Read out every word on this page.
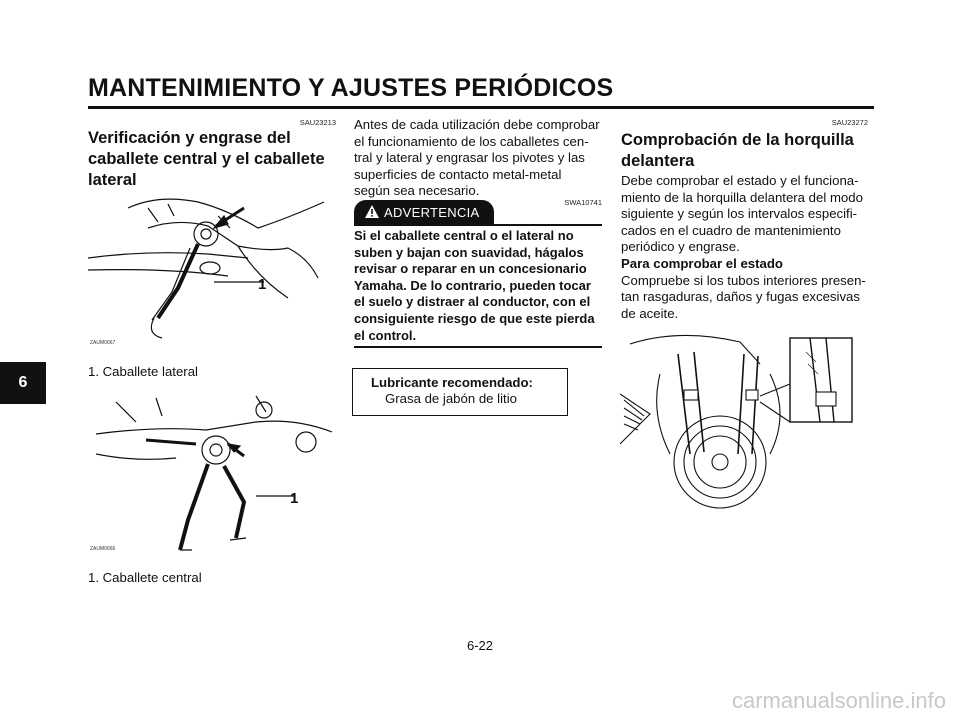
MANTENIMIENTO Y AJUSTES PERIÓDICOS
6
SAU23213
Verificación y engrase del
caballete central y el caballete
lateral
1
ZAUM0667
1. Caballete lateral
1
ZAUM0666
1. Caballete central
Antes de cada utilización debe comprobar
el funcionamiento de los caballetes cen-
tral y lateral y engrasar los pivotes y las
superficies de contacto metal-metal
según sea necesario.
SWA10741
ADVERTENCIA
Si el caballete central o el lateral no
suben y bajan con suavidad, hágalos
revisar o reparar en un concesionario
Yamaha. De lo contrario, pueden tocar
el suelo y distraer al conductor, con el
consiguiente riesgo de que este pierda
el control.
Lubricante recomendado:
Grasa de jabón de litio
SAU23272
Comprobación de la horquilla
delantera
Debe comprobar el estado y el funciona-
miento de la horquilla delantera del modo
siguiente y según los intervalos especifi-
cados en el cuadro de mantenimiento
periódico y engrase.
Para comprobar el estado
Compruebe si los tubos interiores presen-
tan rasgaduras, daños y fugas excesivas
de aceite.
6-22
carmanualsonline.info
